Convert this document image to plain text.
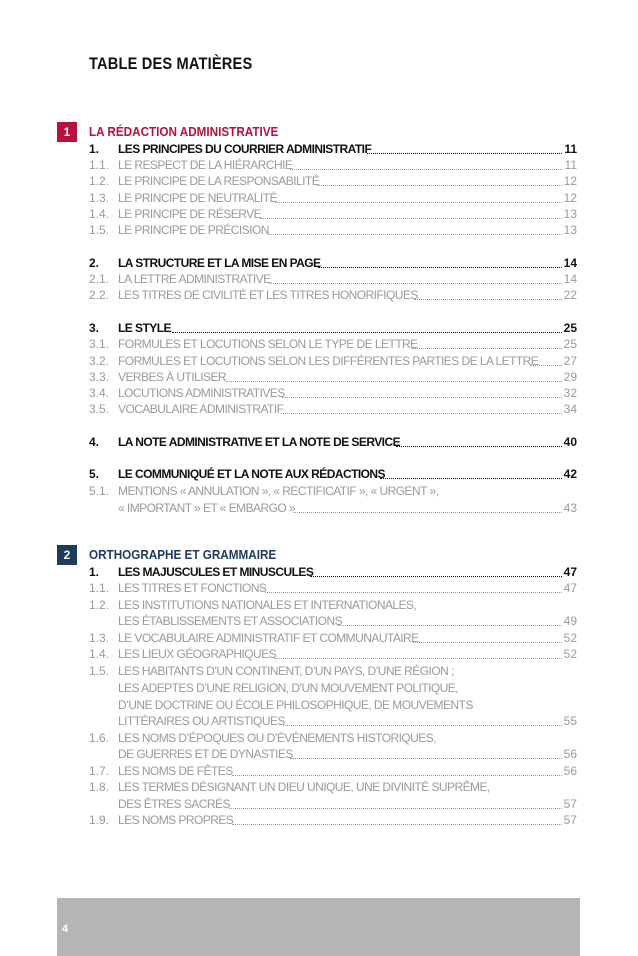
TABLE DES MATIÈRES
1	LA RÉDACTION ADMINISTRATIVE
2	ORTHOGRAPHE ET GRAMMAIRE
1.	LES PRINCIPES DU COURRIER ADMINISTRATIF	11
1.1. LE RESPECT DE LA HIÉRARCHIE	11
1.2. LE PRINCIPE DE LA RESPONSABILITÉ	12
1.3. LE PRINCIPE DE NEUTRALITÉ	12
1.4. LE PRINCIPE DE RÉSERVE	13
1.5. LE PRINCIPE DE PRÉCISION	13
2.	LA STRUCTURE ET LA MISE EN PAGE	14
2.1. LA LETTRE ADMINISTRATIVE	14
2.2. LES TITRES DE CIVILITÉ ET LES TITRES HONORIFIQUES	22
3.	LE STYLE	25
3.1. FORMULES ET LOCUTIONS SELON LE TYPE DE LETTRE	25
3.2. FORMULES ET LOCUTIONS SELON LES DIFFÉRENTES PARTIES DE LA LETTRE 27
3.3. VERBES À UTILISER	29
3.4. LOCUTIONS ADMINISTRATIVES	32
3.5. VOCABULAIRE ADMINISTRATIF	34
4.	LA NOTE ADMINISTRATIVE ET LA NOTE DE SERVICE	40
5.	LE COMMUNIQUÉ ET LA NOTE AUX RÉDACTIONS	42
5.1. MENTIONS « ANNULATION », « RECTIFICATIF », « URGENT »,
« IMPORTANT » ET « EMBARGO »	43
1.	LES MAJUSCULES ET MINUSCULES	47
1.1. LES TITRES ET FONCTIONS	47
1.2. LES INSTITUTIONS NATIONALES ET INTERNATIONALES,
LES ÉTABLISSEMENTS ET ASSOCIATIONS	49
1.3. LE VOCABULAIRE ADMINISTRATIF ET COMMUNAUTAIRE	52
1.4. LES LIEUX GÉOGRAPHIQUES	52
1.5. LES HABITANTS D’UN CONTINENT, D’UN PAYS, D’UNE RÉGION ;
LES ADEPTES D’UNE RELIGION, D’UN MOUVEMENT POLITIQUE,
D’UNE DOCTRINE OU ÉCOLE PHILOSOPHIQUE, DE MOUVEMENTS
LITTÉRAIRES OU ARTISTIQUES	55
1.6. LES NOMS D’ÉPOQUES OU D’ÉVÉNEMENTS HISTORIQUES,
DE GUERRES ET DE DYNASTIES	56
1.7. LES NOMS DE FÊTES	56
1.8. LES TERMES DÉSIGNANT UN DIEU UNIQUE, UNE DIVINITÉ SUPRÊME,
DES ÊTRES SACRÉS	57
1.9. LES NOMS PROPRES	57
4
